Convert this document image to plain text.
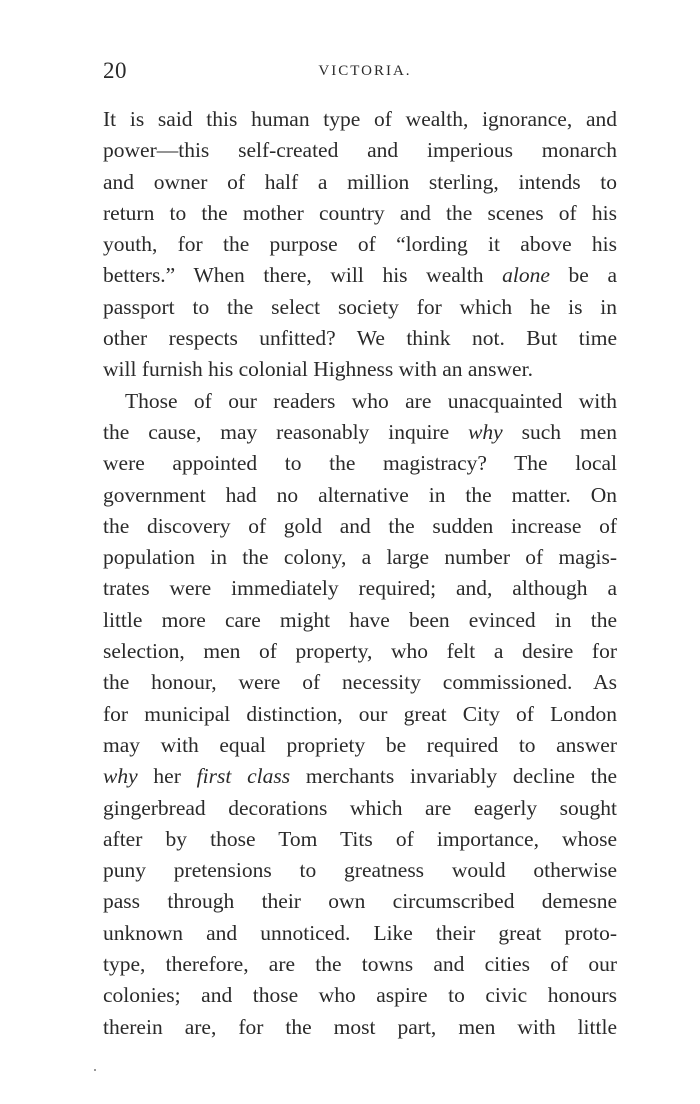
20	VICTORIA.
It is said this human type of wealth, ignorance, and
power—this self-created and imperious monarch
and owner of half a million sterling, intends to
return to the mother country and the scenes of his
youth, for the purpose of “lording it above his
betters.” When there, will his wealth alone be a
passport to the select society for which he is in
other respects unfitted? We think not. But time
will furnish his colonial Highness with an answer.
Those of our readers who are unacquainted with
the cause, may reasonably inquire why such men
were appointed to the magistracy? The local
government had no alternative in the matter. On
the discovery of gold and the sudden increase of
population in the colony, a large number of magis-
trates were immediately required; and, although a
little more care might have been evinced in the
selection, men of property, who felt a desire for
the honour, were of necessity commissioned. As
for municipal distinction, our great City of London
may with equal propriety be required to answer
why her first class merchants invariably decline the
gingerbread decorations which are eagerly sought
after by those Tom Tits of importance, whose
puny pretensions to greatness would otherwise
pass through their own circumscribed demesne
unknown and unnoticed. Like their great proto-
type, therefore, are the towns and cities of our
colonies; and those who aspire to civic honours
therein are, for the most part, men with little
